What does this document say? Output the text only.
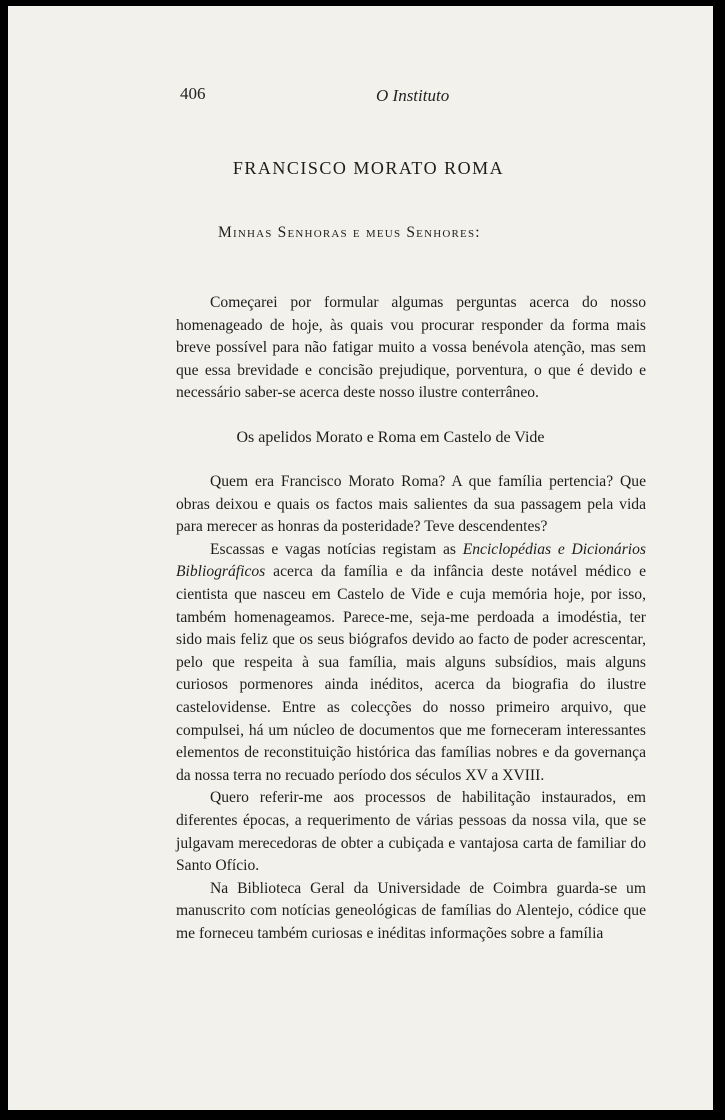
406	O Instituto
FRANCISCO MORATO ROMA
Minhas Senhoras e meus Senhores:

Começarei por formular algumas perguntas acerca do nosso homenageado de hoje, às quais vou procurar responder da forma mais breve possível para não fatigar muito a vossa benévola atenção, mas sem que essa brevidade e concisão prejudique, porventura, o que é devido e necessário saber-se acerca deste nosso ilustre conterrâneo.

Os apelidos Morato e Roma em Castelo de Vide

Quem era Francisco Morato Roma? A que família pertencia? Que obras deixou e quais os factos mais salientes da sua passagem pela vida para merecer as honras da posteridade? Teve descendentes?

Escassas e vagas notícias registam as Enciclopédias e Dicionários Bibliográficos acerca da família e da infância deste notável médico e cientista que nasceu em Castelo de Vide e cuja memória hoje, por isso, também homenageamos. Parece-me, seja-me perdoada a imodéstia, ter sido mais feliz que os seus biógrafos devido ao facto de poder acrescentar, pelo que respeita à sua família, mais alguns subsídios, mais alguns curiosos pormenores ainda inéditos, acerca da biografia do ilustre castelovidense. Entre as colecções do nosso primeiro arquivo, que compulsei, há um núcleo de documentos que me forneceram interessantes elementos de reconstituição histórica das famílias nobres e da governança da nossa terra no recuado período dos séculos XV a XVIII.

Quero referir-me aos processos de habilitação instaurados, em diferentes épocas, a requerimento de várias pessoas da nossa vila, que se julgavam merecedoras de obter a cubiçada e vantajosa carta de familiar do Santo Ofício.

Na Biblioteca Geral da Universidade de Coimbra guarda-se um manuscrito com notícias geneológicas de famílias do Alentejo, códice que me forneceu também curiosas e inéditas informações sobre a família
